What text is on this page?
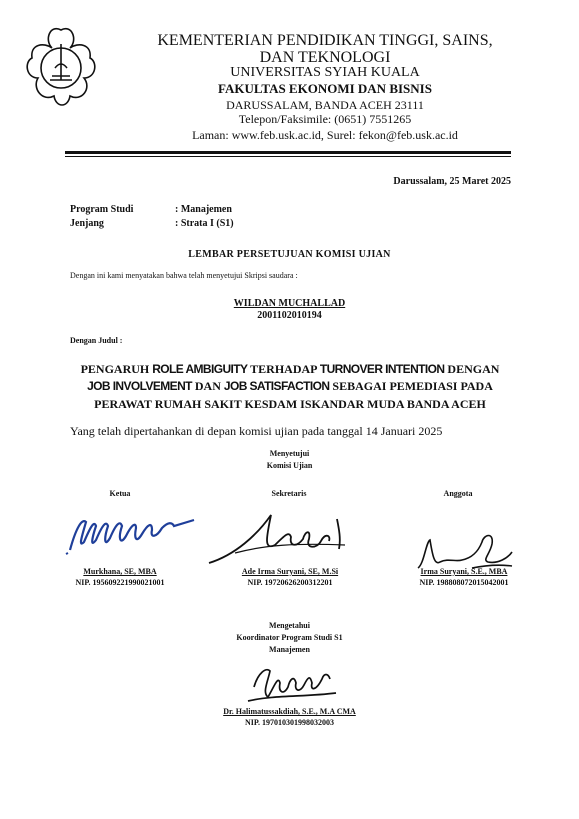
KEMENTERIAN PENDIDIKAN TINGGI, SAINS,
DAN TEKNOLOGI
UNIVERSITAS SYIAH KUALA
FAKULTAS EKONOMI DAN BISNIS
DARUSSALAM, BANDA ACEH 23111
Telepon/Faksimile: (0651) 7551265
Laman: www.feb.usk.ac.id, Surel: fekon@feb.usk.ac.id
Darussalam, 25 Maret 2025
Program Studi	: Manajemen
Jenjang	: Strata I (S1)
LEMBAR PERSETUJUAN KOMISI UJIAN
Dengan ini kami menyatakan bahwa telah menyetujui Skripsi saudara :
WILDAN MUCHALLAD
2001102010194
Dengan Judul :
PENGARUH ROLE AMBIGUITY TERHADAP TURNOVER INTENTION DENGAN
JOB INVOLVEMENT DAN JOB SATISFACTION SEBAGAI PEMEDIASI PADA
PERAWAT RUMAH SAKIT KESDAM ISKANDAR MUDA BANDA ACEH
Yang telah dipertahankan di depan komisi ujian pada tanggal 14 Januari 2025
Menyetujui
Komisi Ujian
Ketua	Sekretaris	Anggota
Murkhana, SE, MBA
NIP. 195609221990021001
Ade Irma Suryani, SE, M.Si
NIP. 19720626200312201
Irma Suryani, S.E., MBA
NIP. 198808072015042001
Mengetahui
Koordinator Program Studi S1
Manajemen
Dr. Halimatussakdiah, S.E., M.A CMA
NIP. 197010301998032003
